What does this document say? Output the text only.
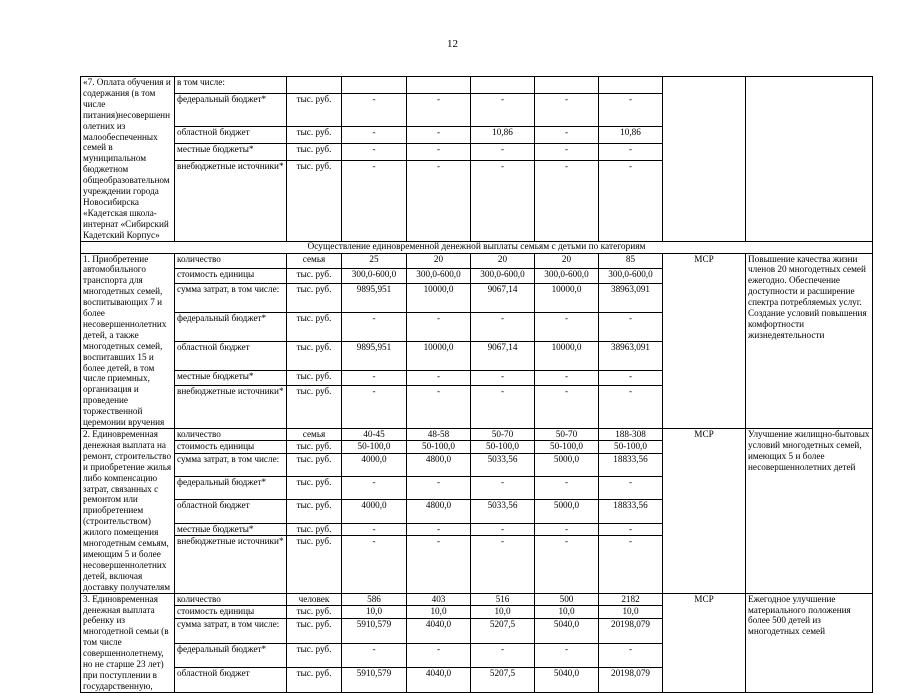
12
«7. Оплата обучения и содержания (в том числе питания)несовершеннолетних из малообеспеченных семей в муниципальном бюджетном общеобразовательном учреждении города Новосибирска «Кадетская школа-интернат «Сибирский Кадетский Корпус»	в том числе:								
	федеральный бюджет*	тыс. руб.	-	-	-	-	-		
	областной бюджет	тыс. руб.	-	-	10,86	-	10,86		
	местные бюджеты*	тыс. руб.	-	-	-	-	-		
	внебюджетные источники*	тыс. руб.	-	-	-	-	-		
Осуществление единовременной денежной выплаты семьям с детьми по категориям									
1. Приобретение автомобильного транспорта для многодетных семей, воспитывающих 7 и более несовершеннолетних детей, а также многодетных семей, воспитавших 15 и более детей, в том числе приемных, организация и проведение торжественной церемонии вручения	количество	семья	25	20	20	20	85	МСР	Повышение качества жизни членов 20 многодетных семей ежегодно. Обеспечение доступности и расширение спектра потребляемых услуг. Создание условий повышения комфортности жизнедеятельности
	стоимость единицы	тыс. руб.	300,0-600,0	300,0-600,0	300,0-600,0	300,0-600,0	300,0-600,0		
	сумма затрат, в том числе:	тыс. руб.	9895,951	10000,0	9067,14	10000,0	38963,091		
	федеральный бюджет*	тыс. руб.	-	-	-	-	-		
	областной бюджет	тыс. руб.	9895,951	10000,0	9067,14	10000,0	38963,091		
	местные бюджеты*	тыс. руб.	-	-	-	-	-		
	внебюджетные источники*	тыс. руб.	-	-	-	-	-		
2. Единовременная денежная выплата на ремонт, строительство и приобретение жилья либо компенсацию затрат, связанных с ремонтом или приобретением (строительством) жилого помещения многодетным семьям, имеющим 5 и более несовершеннолетних детей, включая доставку получателям	количество	семья	40-45	48-58	50-70	50-70	188-308	МСР	Улучшение жилищно-бытовых условий многодетных семей, имеющих 5 и более несовершеннолетних детей
	стоимость единицы	тыс. руб.	50-100,0	50-100,0	50-100,0	50-100,0	50-100,0		
	сумма затрат, в том числе:	тыс. руб.	4000,0	4800,0	5033,56	5000,0	18833,56		
	федеральный бюджет*	тыс. руб.	-	-	-	-	-		
	областной бюджет	тыс. руб.	4000,0	4800,0	5033,56	5000,0	18833,56		
	местные бюджеты*	тыс. руб.	-	-	-	-	-		
	внебюджетные источники*	тыс. руб.	-	-	-	-	-		
3. Единовременная денежная выплата ребенку из многодетной семьи (в том числе совершеннолетнему, но не старше 23 лет) при поступлении в государственную,	количество	человек	586	403	516	500	2182	МСР	Ежегодное улучшение материального положения более 500 детей из многодетных семей
	стоимость единицы	тыс. руб.	10,0	10,0	10,0	10,0	10,0		
	сумма затрат, в том числе:	тыс. руб.	5910,579	4040,0	5207,5	5040,0	20198,079		
	федеральный бюджет*	тыс. руб.	-	-	-	-	-		
	областной бюджет	тыс. руб.	5910,579	4040,0	5207,5	5040,0	20198,079		
